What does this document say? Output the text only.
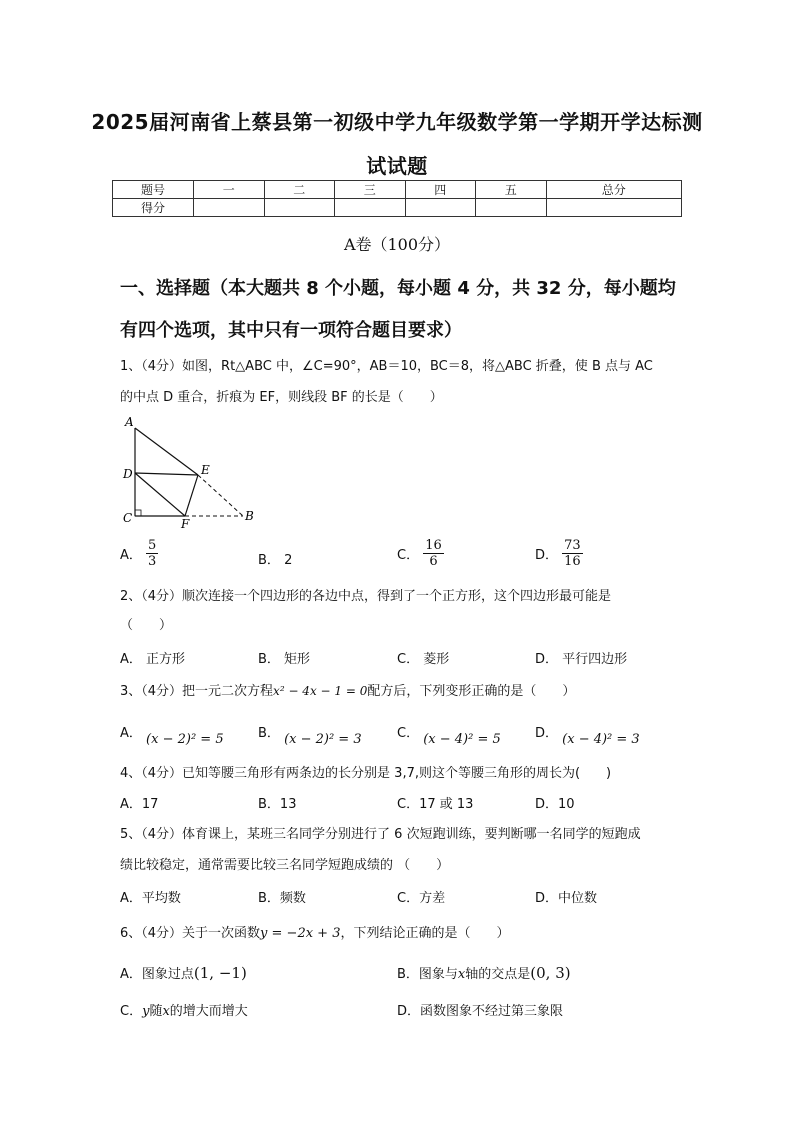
2025届河南省上蔡县第一初级中学九年级数学第一学期开学达标测
试试题
题号	一	二	三	四	五	总分
得分						
A卷（100分）
一、选择题（本大题共 8 个小题，每小题 4 分，共 32 分，每小题均
有四个选项，其中只有一项符合题目要求）
1、（4分）如图，Rt△ABC 中，∠C=90°，AB＝10，BC＝8，将△ABC 折叠，使 B 点与 AC
的中点 D 重合，折痕为 EF，则线段 BF 的长是（　　）
A
D	E
C	F
B
A． $\frac{5}{3}$	B． 2	C． $\frac{16}{6}$	D． $\frac{73}{16}$
2、（4分）顺次连接一个四边形的各边中点，得到了一个正方形，这个四边形最可能是
（　　）
A． 正方形	B． 矩形	C． 菱形	D． 平行四边形
3、（4分）把一元二次方程x² − 4x − 1 = 0配方后，下列变形正确的是（　　）
A． (x − 2)² = 5	B． (x − 2)² = 3	C． (x − 4)² = 5	D． (x − 4)² = 3
4、（4分）已知等腰三角形有两条边的长分别是 3,7,则这个等腰三角形的周长为(　　)
A．17	B．13	C．17 或 13	D．10
5、（4分）体育课上，某班三名同学分别进行了 6 次短跑训练，要判断哪一名同学的短跑成
绩比较稳定，通常需要比较三名同学短跑成绩的 （　　）
A．平均数	B．频数	C．方差	D．中位数
6、（4分）关于一次函数y = −2x + 3，下列结论正确的是（　　）
A．图象过点(1, −1)	B．图象与x轴的交点是(0, 3)
C．y随x的增大而增大	D．函数图象不经过第三象限
